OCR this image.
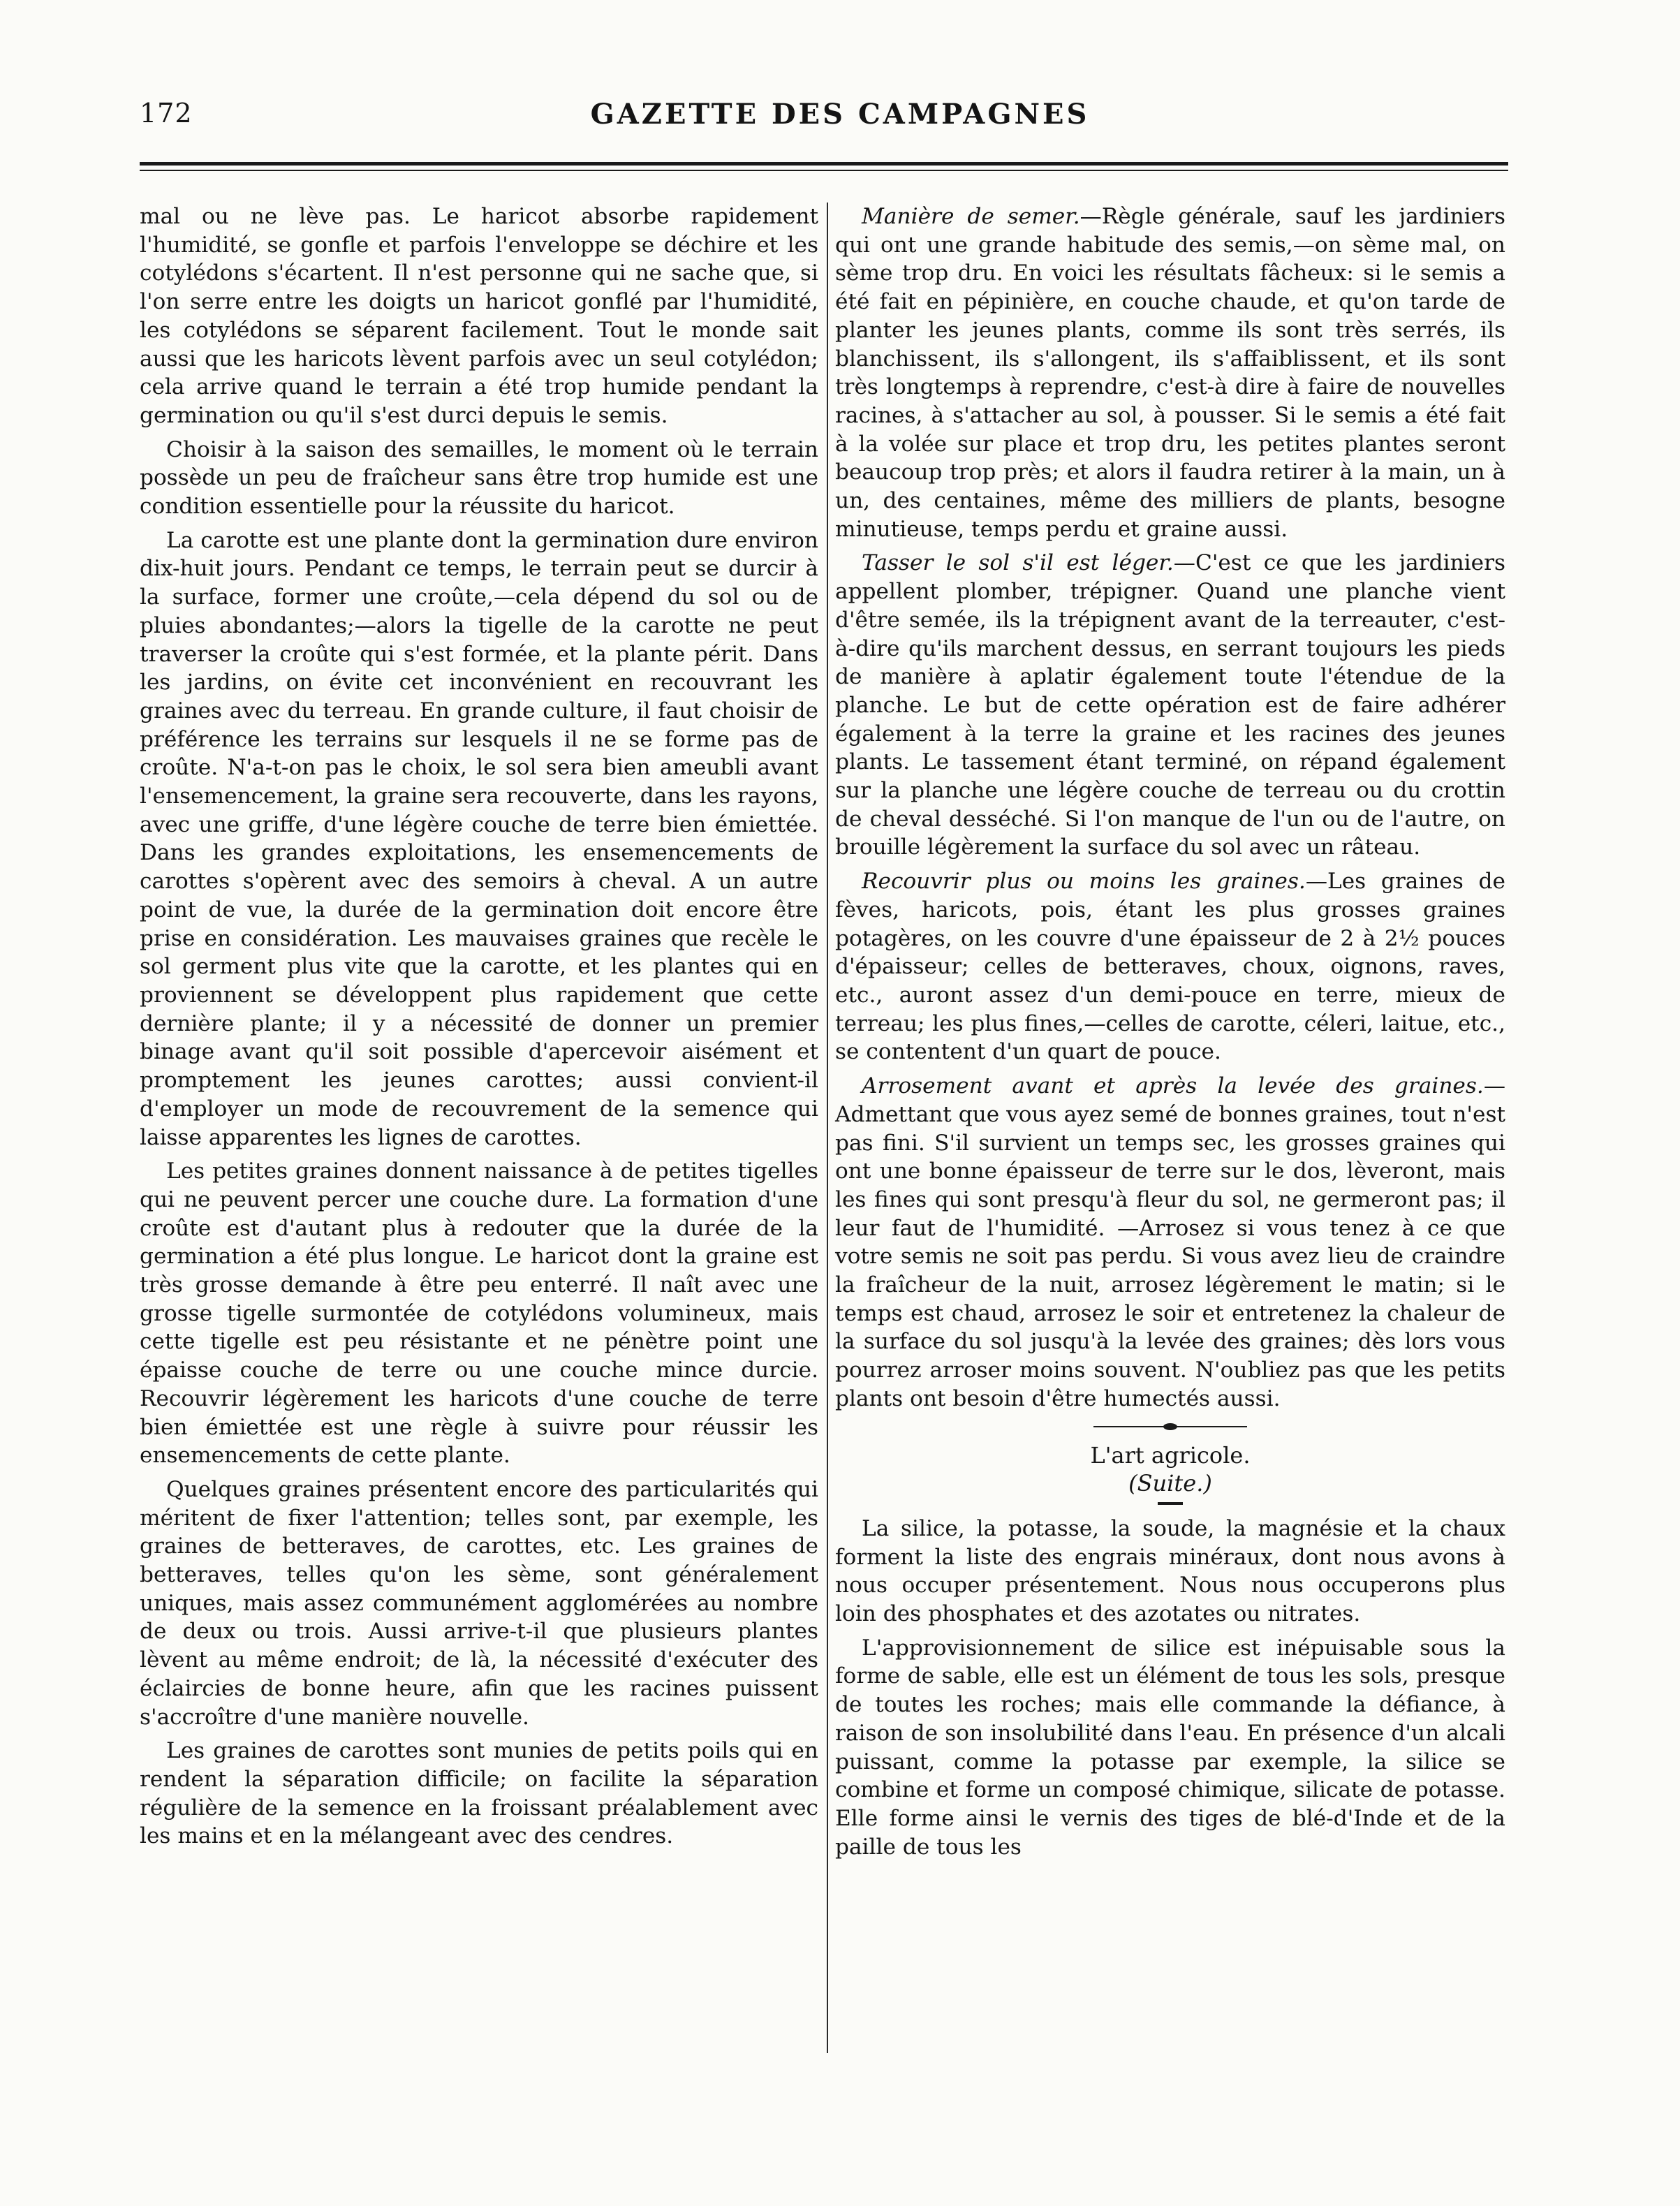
172	GAZETTE DES CAMPAGNES

mal ou ne lève pas. Le haricot absorbe rapidement l'humidité, se gonfle et parfois l'enveloppe se déchire et les cotylédons s'écartent. Il n'est personne qui ne sache que, si l'on serre entre les doigts un haricot gonflé par l'humidité, les cotylédons se séparent facilement. Tout le monde sait aussi que les haricots lèvent parfois avec un seul cotylédon; cela arrive quand le terrain a été trop humide pendant la germination ou qu'il s'est durci depuis le semis.

Choisir à la saison des semailles, le moment où le terrain possède un peu de fraîcheur sans être trop humide est une condition essentielle pour la réussite du haricot.

La carotte est une plante dont la germination dure environ dix-huit jours. Pendant ce temps, le terrain peut se durcir à la surface, former une croûte,—cela dépend du sol ou de pluies abondantes;—alors la tigelle de la carotte ne peut traverser la croûte qui s'est formée, et la plante périt. Dans les jardins, on évite cet inconvénient en recouvrant les graines avec du terreau. En grande culture, il faut choisir de préférence les terrains sur lesquels il ne se forme pas de croûte. N'a-t-on pas le choix, le sol sera bien ameubli avant l'ensemencement, la graine sera recouverte, dans les rayons, avec une griffe, d'une légère couche de terre bien émiettée. Dans les grandes exploitations, les ensemencements de carottes s'opèrent avec des semoirs à cheval. A un autre point de vue, la durée de la germination doit encore être prise en considération. Les mauvaises graines que recèle le sol germent plus vite que la carotte, et les plantes qui en proviennent se développent plus rapidement que cette dernière plante; il y a nécessité de donner un premier binage avant qu'il soit possible d'apercevoir aisément et promptement les jeunes carottes; aussi convient-il d'employer un mode de recouvrement de la semence qui laisse apparentes les lignes de carottes.

Les petites graines donnent naissance à de petites tigelles qui ne peuvent percer une couche dure. La formation d'une croûte est d'autant plus à redouter que la durée de la germination a été plus longue. Le haricot dont la graine est très grosse demande à être peu enterré. Il naît avec une grosse tigelle surmontée de cotylédons volumineux, mais cette tigelle est peu résistante et ne pénètre point une épaisse couche de terre ou une couche mince durcie. Recouvrir légèrement les haricots d'une couche de terre bien émiettée est une règle à suivre pour réussir les ensemencements de cette plante.

Quelques graines présentent encore des particularités qui méritent de fixer l'attention; telles sont, par exemple, les graines de betteraves, de carottes, etc. Les graines de betteraves, telles qu'on les sème, sont généralement uniques, mais assez communément agglomérées au nombre de deux ou trois. Aussi arrive-t-il que plusieurs plantes lèvent au même endroit; de là, la nécessité d'exécuter des éclaircies de bonne heure, afin que les racines puissent s'accroître d'une manière nouvelle.

Les graines de carottes sont munies de petits poils qui en rendent la séparation difficile; on facilite la séparation régulière de la semence en la froissant préalablement avec les mains et en la mélangeant avec des cendres.

Manière de semer.—Règle générale, sauf les jardiniers qui ont une grande habitude des semis,—on sème mal, on sème trop dru. En voici les résultats fâcheux: si le semis a été fait en pépinière, en couche chaude, et qu'on tarde de planter les jeunes plants, comme ils sont très serrés, ils blanchissent, ils s'allongent, ils s'affaiblissent, et ils sont très longtemps à reprendre, c'est-à dire à faire de nouvelles racines, à s'attacher au sol, à pousser. Si le semis a été fait à la volée sur place et trop dru, les petites plantes seront beaucoup trop près; et alors il faudra retirer à la main, un à un, des centaines, même des milliers de plants, besogne minutieuse, temps perdu et graine aussi.

Tasser le sol s'il est léger.—C'est ce que les jardiniers appellent plomber, trépigner. Quand une planche vient d'être semée, ils la trépignent avant de la terreauter, c'est-à-dire qu'ils marchent dessus, en serrant toujours les pieds de manière à aplatir également toute l'étendue de la planche. Le but de cette opération est de faire adhérer également à la terre la graine et les racines des jeunes plants. Le tassement étant terminé, on répand également sur la planche une légère couche de terreau ou du crottin de cheval desséché. Si l'on manque de l'un ou de l'autre, on brouille légèrement la surface du sol avec un râteau.

Recouvrir plus ou moins les graines.—Les graines de fèves, haricots, pois, étant les plus grosses graines potagères, on les couvre d'une épaisseur de 2 à 2½ pouces d'épaisseur; celles de betteraves, choux, oignons, raves, etc., auront assez d'un demi-pouce en terre, mieux de terreau; les plus fines,—celles de carotte, céleri, laitue, etc., se contentent d'un quart de pouce.

Arrosement avant et après la levée des graines.—Admettant que vous ayez semé de bonnes graines, tout n'est pas fini. S'il survient un temps sec, les grosses graines qui ont une bonne épaisseur de terre sur le dos, lèveront, mais les fines qui sont presqu'à fleur du sol, ne germeront pas; il leur faut de l'humidité. —Arrosez si vous tenez à ce que votre semis ne soit pas perdu. Si vous avez lieu de craindre la fraîcheur de la nuit, arrosez légèrement le matin; si le temps est chaud, arrosez le soir et entretenez la chaleur de la surface du sol jusqu'à la levée des graines; dès lors vous pourrez arroser moins souvent. N'oubliez pas que les petits plants ont besoin d'être humectés aussi.

L'art agricole.

(Suite.)

La silice, la potasse, la soude, la magnésie et la chaux forment la liste des engrais minéraux, dont nous avons à nous occuper présentement. Nous nous occuperons plus loin des phosphates et des azotates ou nitrates.

L'approvisionnement de silice est inépuisable sous la forme de sable, elle est un élément de tous les sols, presque de toutes les roches; mais elle commande la défiance, à raison de son insolubilité dans l'eau. En présence d'un alcali puissant, comme la potasse par exemple, la silice se combine et forme un composé chimique, silicate de potasse. Elle forme ainsi le vernis des tiges de blé-d'Inde et de la paille de tous les
